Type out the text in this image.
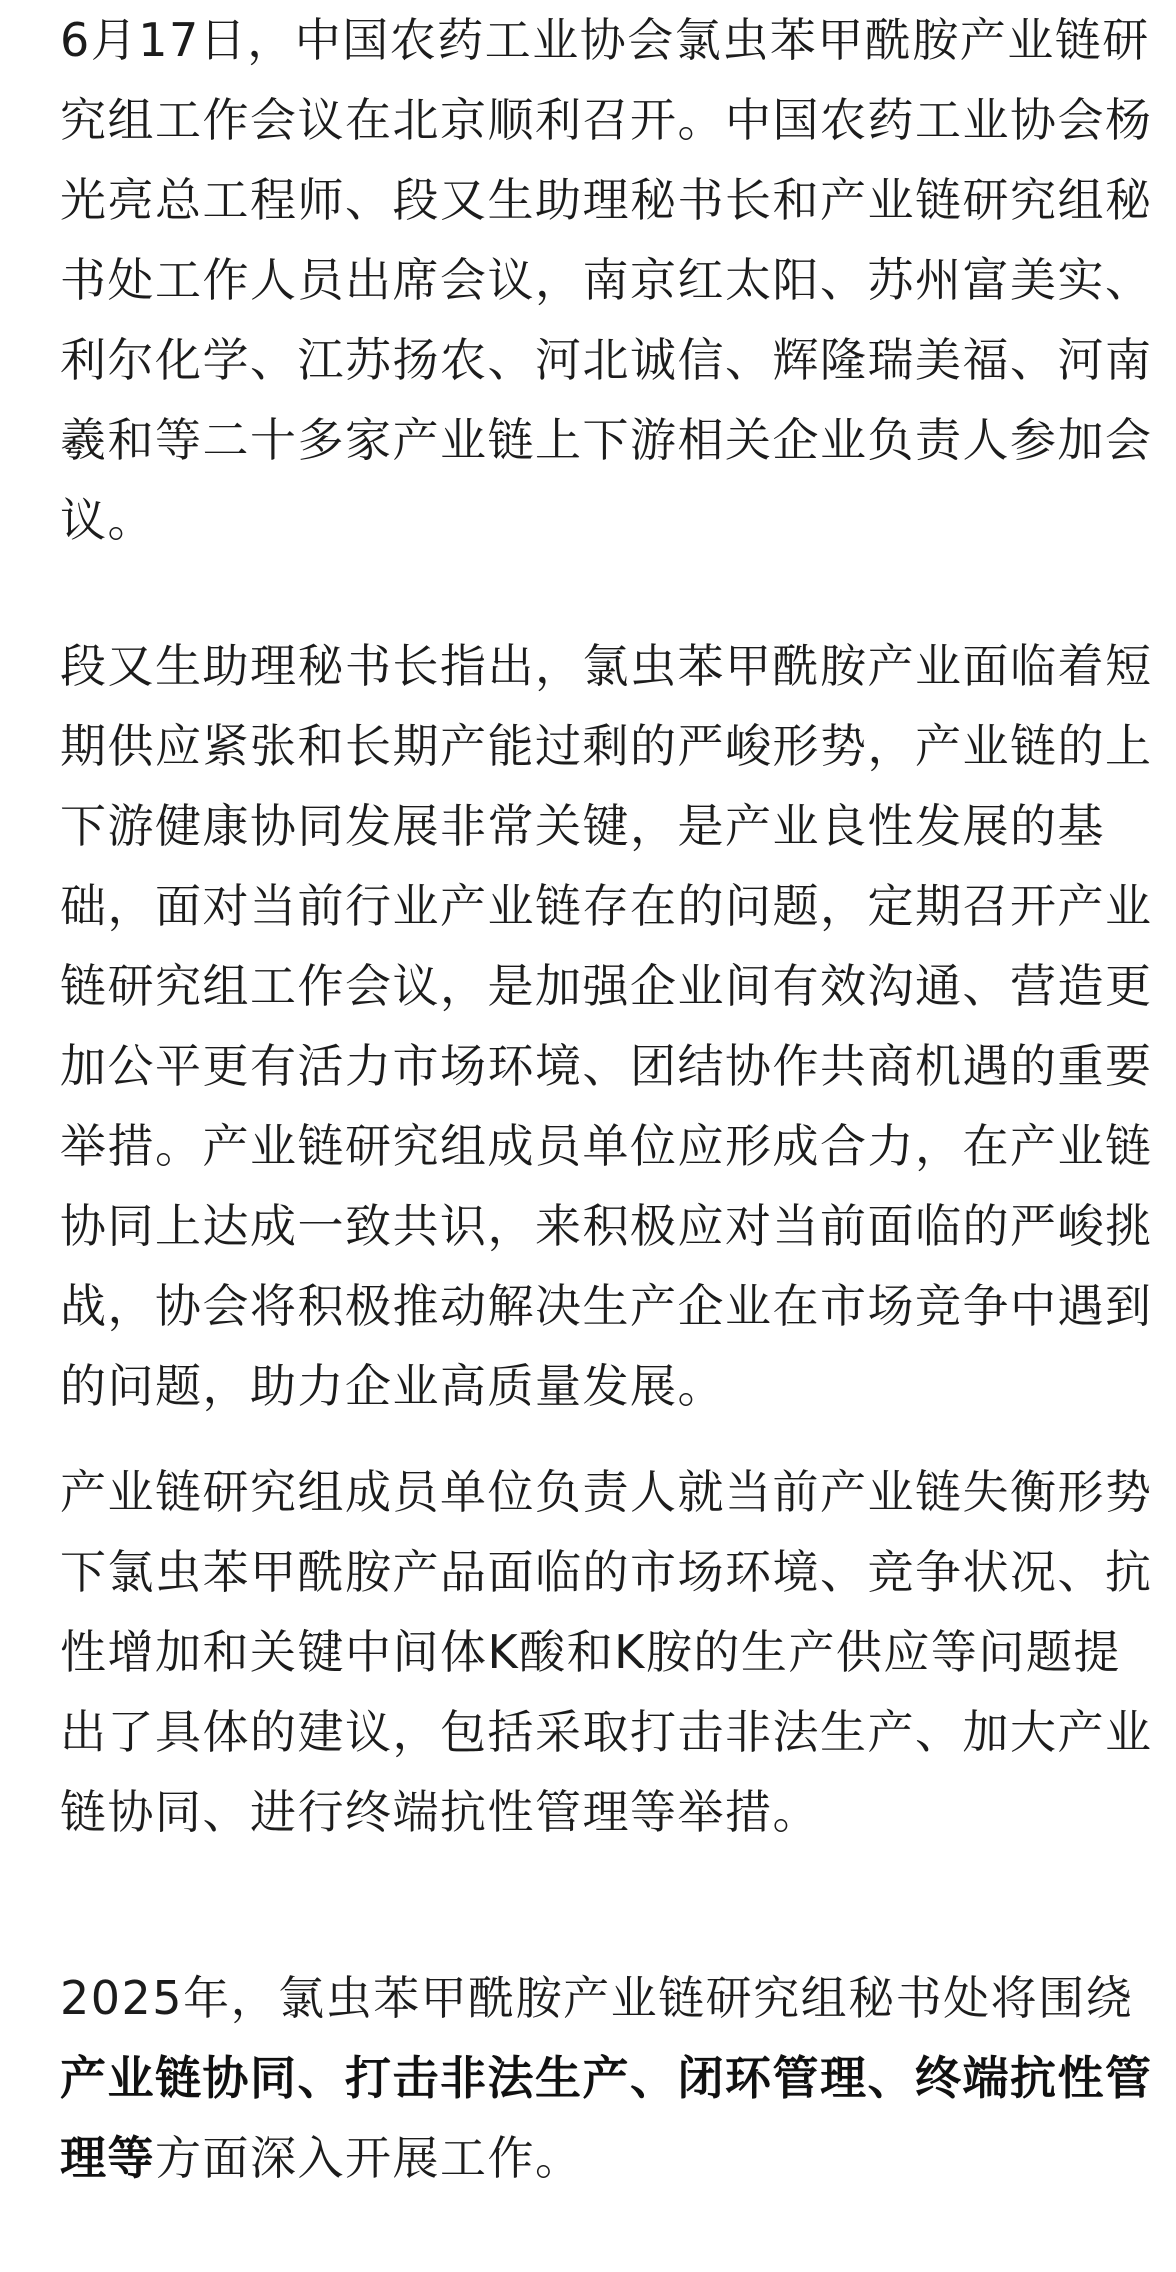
6月17日，中国农药工业协会氯虫苯甲酰胺产业链研
究组工作会议在北京顺利召开。中国农药工业协会杨
光亮总工程师、段又生助理秘书长和产业链研究组秘
书处工作人员出席会议，南京红太阳、苏州富美实、
利尔化学、江苏扬农、河北诚信、辉隆瑞美福、河南
羲和等二十多家产业链上下游相关企业负责人参加会
议。
段又生助理秘书长指出，氯虫苯甲酰胺产业面临着短
期供应紧张和长期产能过剩的严峻形势，产业链的上
下游健康协同发展非常关键，是产业良性发展的基
础，面对当前行业产业链存在的问题，定期召开产业
链研究组工作会议，是加强企业间有效沟通、营造更
加公平更有活力市场环境、团结协作共商机遇的重要
举措。产业链研究组成员单位应形成合力，在产业链
协同上达成一致共识，来积极应对当前面临的严峻挑
战，协会将积极推动解决生产企业在市场竞争中遇到
的问题，助力企业高质量发展。
产业链研究组成员单位负责人就当前产业链失衡形势
下氯虫苯甲酰胺产品面临的市场环境、竞争状况、抗
性增加和关键中间体K酸和K胺的生产供应等问题提
出了具体的建议，包括采取打击非法生产、加大产业
链协同、进行终端抗性管理等举措。
2025年，氯虫苯甲酰胺产业链研究组秘书处将围绕
产业链协同、打击非法生产、闭环管理、终端抗性管
理等方面深入开展工作。
